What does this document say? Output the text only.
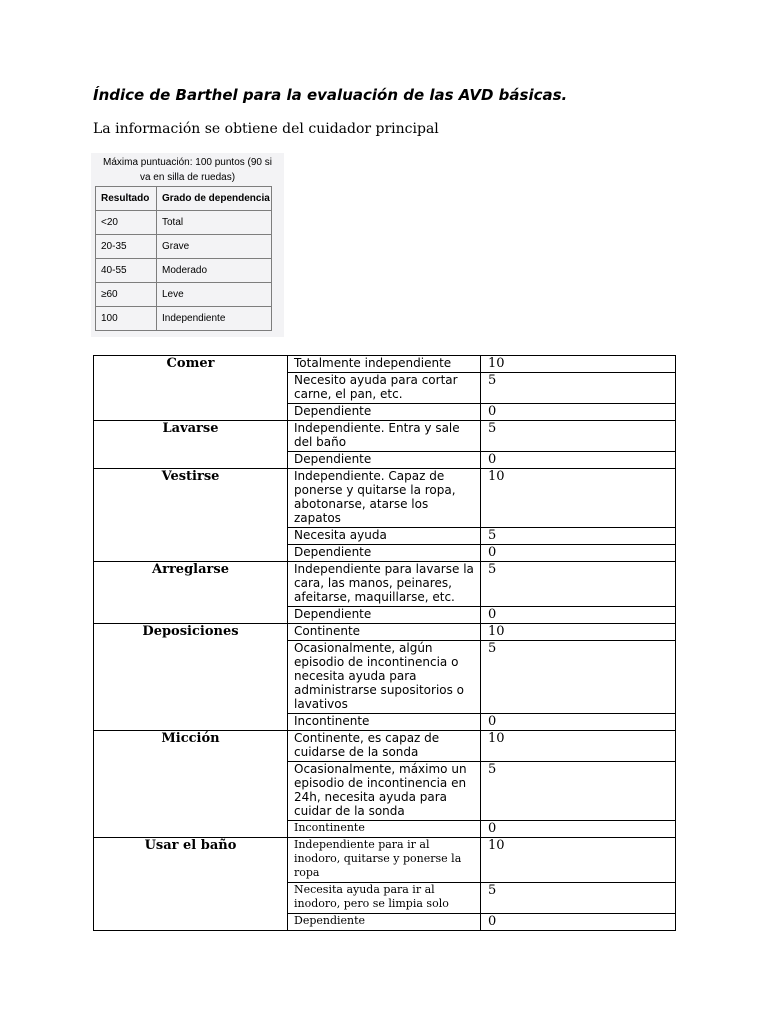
Índice de Barthel para la evaluación de las AVD básicas.
La información se obtiene del cuidador principal
Máxima puntuación: 100 puntos (90 si
va en silla de ruedas)
Resultado	Grado de dependencia
<20	Total
20-35	Grave
40-55	Moderado
≥60	Leve
100	Independiente
Comer	Totalmente independiente	10
	Necesito ayuda para cortar carne, el pan, etc.	5
	Dependiente	0
Lavarse	Independiente. Entra y sale del baño	5
	Dependiente	0
Vestirse	Independiente. Capaz de ponerse y quitarse la ropa, abotonarse, atarse los zapatos	10
	Necesita ayuda	5
	Dependiente	0
Arreglarse	Independiente para lavarse la cara, las manos, peinares, afeitarse, maquillarse, etc.	5
	Dependiente	0
Deposiciones	Continente	10
	Ocasionalmente, algún episodio de incontinencia o necesita ayuda para administrarse supositorios o lavativos	5
	Incontinente	0
Micción	Continente, es capaz de cuidarse de la sonda	10
	Ocasionalmente, máximo un episodio de incontinencia en 24h, necesita ayuda para cuidar de la sonda	5
	Incontinente	0
Usar el baño	Independiente para ir al inodoro, quitarse y ponerse la ropa	10
	Necesita ayuda para ir al inodoro, pero se limpia solo	5
	Dependiente	0
